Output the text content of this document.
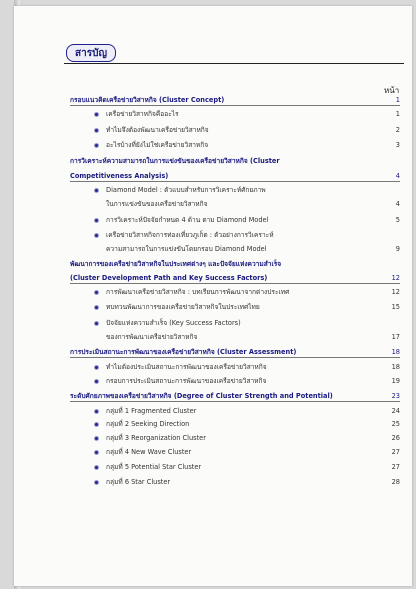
สารบัญ
หน้า
กรอบแนวคิดเครือข่ายวิสาหกิจ (Cluster Concept)	1
เครือข่ายวิสาหกิจคืออะไร	1
ทำไมจึงต้องพัฒนาเครือข่ายวิสาหกิจ	2
อะไรบ้างที่ยังไม่ใช่เครือข่ายวิสาหกิจ	3
การวิเคราะห์ความสามารถในการแข่งขันของเครือข่ายวิสาหกิจ (Cluster
Competitiveness Analysis)	4
Diamond Model : ตัวแบบสำหรับการวิเคราะห์ศักยภาพ
ในการแข่งขันของเครือข่ายวิสาหกิจ	4
การวิเคราะห์ปัจจัยกำหนด 4 ด้าน ตาม Diamond Model	5
เครือข่ายวิสาหกิจการท่องเที่ยวภูเก็ต : ตัวอย่างการวิเคราะห์
ความสามารถในการแข่งขันโดยกรอบ Diamond Model	9
พัฒนาการของเครือข่ายวิสาหกิจในประเทศต่างๆ และปัจจัยแห่งความสำเร็จ
(Cluster Development Path and Key Success Factors)	12
การพัฒนาเครือข่ายวิสาหกิจ : บทเรียนการพัฒนาจากต่างประเทศ	12
ทบทวนพัฒนาการของเครือข่ายวิสาหกิจในประเทศไทย	15
ปัจจัยแห่งความสำเร็จ (Key Success Factors)
ของการพัฒนาเครือข่ายวิสาหกิจ	17
การประเมินสถานะการพัฒนาของเครือข่ายวิสาหกิจ (Cluster Assessment)	18
ทำไมต้องประเมินสถานะการพัฒนาของเครือข่ายวิสาหกิจ	18
กรอบการประเมินสถานะการพัฒนาของเครือข่ายวิสาหกิจ	19
ระดับศักยภาพของเครือข่ายวิสาหกิจ (Degree of Cluster Strength and Potential)	23
กลุ่มที่ 1 Fragmented Cluster	24
กลุ่มที่ 2 Seeking Direction	25
กลุ่มที่ 3 Reorganization Cluster	26
กลุ่มที่ 4 New Wave Cluster	27
กลุ่มที่ 5 Potential Star Cluster	27
กลุ่มที่ 6 Star Cluster	28
